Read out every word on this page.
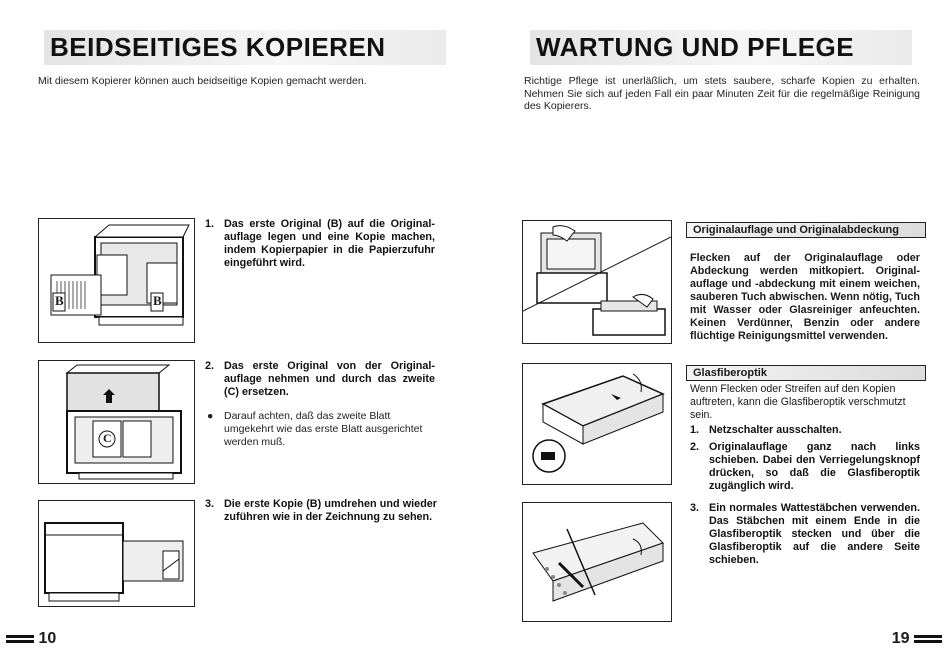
BEIDSEITIGES KOPIEREN
Mit diesem Kopierer können auch beidseitige Kopien gemacht werden.
B	B
1. Das erste Original (B) auf die Originalauflage legen und eine Kopie machen, indem Kopierpapier in die Papierzufuhr eingeführt wird.
C
2. Das erste Original von der Originalauflage nehmen und durch das zweite (C) ersetzen.
● Darauf achten, daß das zweite Blatt umgekehrt wie das erste Blatt ausgerichtet werden muß.
3. Die erste Kopie (B) umdrehen und wieder zuführen wie in der Zeichnung zu sehen.
10
WARTUNG UND PFLEGE
Richtige Pflege ist unerläßlich, um stets saubere, scharfe Kopien zu erhalten. Nehmen Sie sich auf jeden Fall ein paar Minuten Zeit für die regelmäßige Reinigung des Kopierers.
Originalauflage und Originalabdeckung
Flecken auf der Originalauflage oder Abdeckung werden mitkopiert. Originalauflage und -abdeckung mit einem weichen, sauberen Tuch abwischen. Wenn nötig, Tuch mit Wasser oder Glasreiniger anfeuchten. Keinen Verdünner, Benzin oder andere flüchtige Reinigungsmittel verwenden.
Glasfiberoptik
Wenn Flecken oder Streifen auf den Kopien auftreten, kann die Glasfiberoptik verschmutzt sein.
1. Netzschalter ausschalten.
2. Originalauflage ganz nach links schieben. Dabei den Verriegelungsknopf drücken, so daß die Glasfiberoptik zugänglich wird.
3. Ein normales Wattestäbchen verwenden. Das Stäbchen mit einem Ende in die Glasfiberoptik stecken und über die Glasfiberoptik auf die andere Seite schieben.
19
